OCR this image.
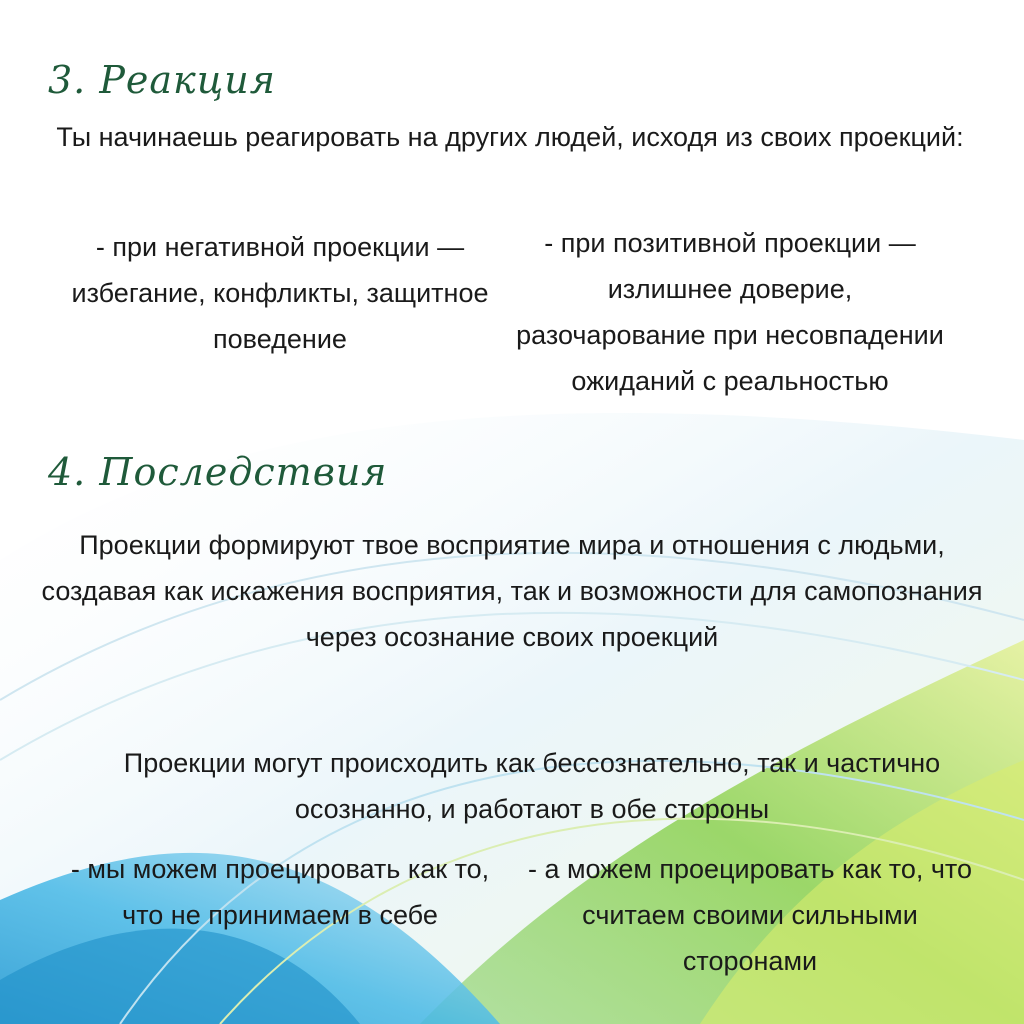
3. Реакция

Ты начинаешь реагировать на других людей, исходя из своих проекций:

- при негативной проекции — избегание, конфликты, защитное поведение

- при позитивной проекции — излишнее доверие, разочарование при несовпадении ожиданий с реальностью

4. Последствия

Проекции формируют твое восприятие мира и отношения с людьми, создавая как искажения восприятия, так и возможности для самопознания через осознание своих проекций

Проекции могут происходить как бессознательно, так и частично осознанно, и работают в обе стороны

- мы можем проецировать как то, что не принимаем в себе

- а можем проецировать как то, что считаем своими сильными сторонами
